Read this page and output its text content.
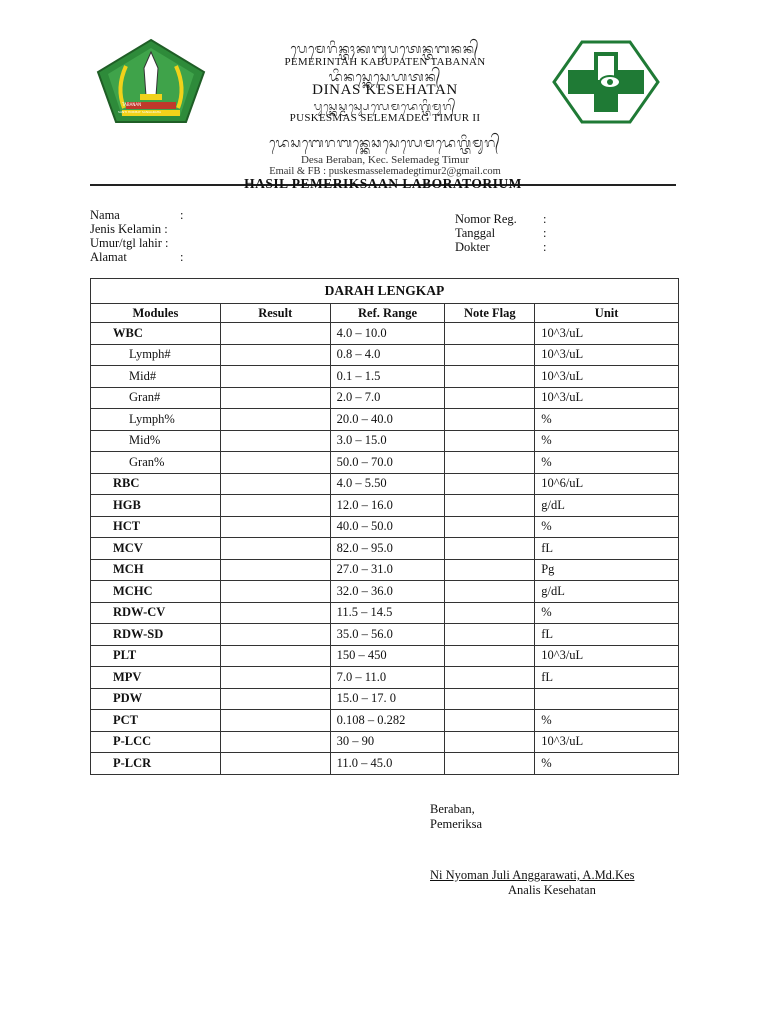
TABANAN
SANTI HORMAT SANGGRAHA
ᬧᬾᬫᬾᬭᬶᬦ᭄ᬢᬄᬓᬩᬸᬧᬢᬾᬦ᭄ᬢᬩᬦᬦ᭄
PEMERINTAH KABUPATEN TABANAN
ᬤᬶᬦᬲ᭄ᬓᬾᬲᬾᬳᬢᬦ᭄
DINAS KESEHATAN
ᬧᬸᬲ᭄ᬓᬾᬲ᭄ᬫᬲ᭄ᬲᬾᬮᬾᬫᬤᬾᬕ᭄ᬢᬶᬫᬸᬭ᭄
PUSKESMAS SELEMADEG TIMUR II
ᬤᬾᬲᬩᬾᬭᬩᬦ᭄ᬓᬾᬘᬲᬾᬮᬾᬫᬤᬾᬕ᭄ᬢᬶᬫᬸᬭ᭄
Desa Beraban, Kec. Selemadeg Timur
Email & FB : puskesmasselemadegtimur2@gmail.com
HASIL PEMERIKSAAN LABORATORIUM
Nama	:
Jenis Kelamin :
Umur/tgl lahir :
Alamat	:
Nomor Reg. :
Tanggal	:
Dokter	:
DARAH LENGKAP				
Modules	Result	Ref. Range	Note Flag	Unit
WBC		4.0 – 10.0		10^3/uL
Lymph#		0.8 – 4.0		10^3/uL
Mid#		0.1 – 1.5		10^3/uL
Gran#		2.0 – 7.0		10^3/uL
Lymph%		20.0 – 40.0		%
Mid%		3.0 – 15.0		%
Gran%		50.0 – 70.0		%
RBC		4.0 – 5.50		10^6/uL
HGB		12.0 – 16.0		g/dL
HCT		40.0 – 50.0		%
MCV		82.0 – 95.0		fL
MCH		27.0 – 31.0		Pg
MCHC		32.0 – 36.0		g/dL
RDW-CV		11.5 – 14.5		%
RDW-SD		35.0 – 56.0		fL
PLT		150 – 450		10^3/uL
MPV		7.0 – 11.0		fL
PDW		15.0 – 17. 0		
PCT		0.108 – 0.282		%
P-LCC		30 – 90		10^3/uL
P-LCR		11.0 – 45.0		%
Beraban,
Pemeriksa
Ni Nyoman Juli Anggarawati, A.Md.Kes
Analis Kesehatan
